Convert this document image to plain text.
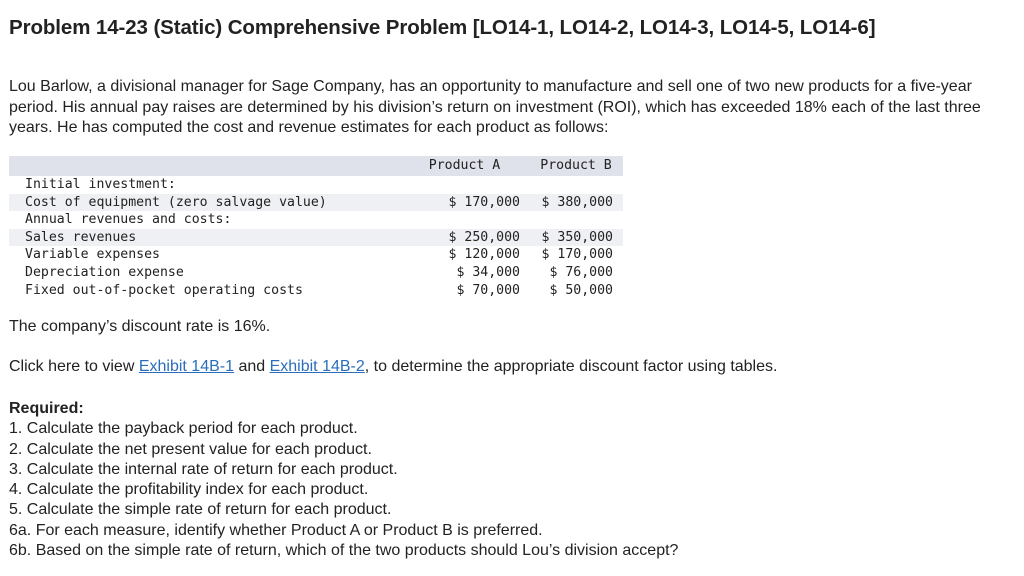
Problem 14-23 (Static) Comprehensive Problem [LO14-1, LO14-2, LO14-3, LO14-5, LO14-6]

Lou Barlow, a divisional manager for Sage Company, has an opportunity to manufacture and sell one of two new products for a five-year period. His annual pay raises are determined by his division’s return on investment (ROI), which has exceeded 18% each of the last three years. He has computed the cost and revenue estimates for each product as follows:

	Product A	Product B
Initial investment:		
Cost of equipment (zero salvage value)	$ 170,000	$ 380,000
Annual revenues and costs:		
Sales revenues	$ 250,000	$ 350,000
Variable expenses	$ 120,000	$ 170,000
Depreciation expense	$ 34,000	$ 76,000
Fixed out-of-pocket operating costs	$ 70,000	$ 50,000
The company’s discount rate is 16%.
Click here to view Exhibit 14B-1 and Exhibit 14B-2, to determine the appropriate discount factor using tables.
Required:
1. Calculate the payback period for each product.
2. Calculate the net present value for each product.
3. Calculate the internal rate of return for each product.
4. Calculate the profitability index for each product.
5. Calculate the simple rate of return for each product.
6a. For each measure, identify whether Product A or Product B is preferred.
6b. Based on the simple rate of return, which of the two products should Lou’s division accept?
